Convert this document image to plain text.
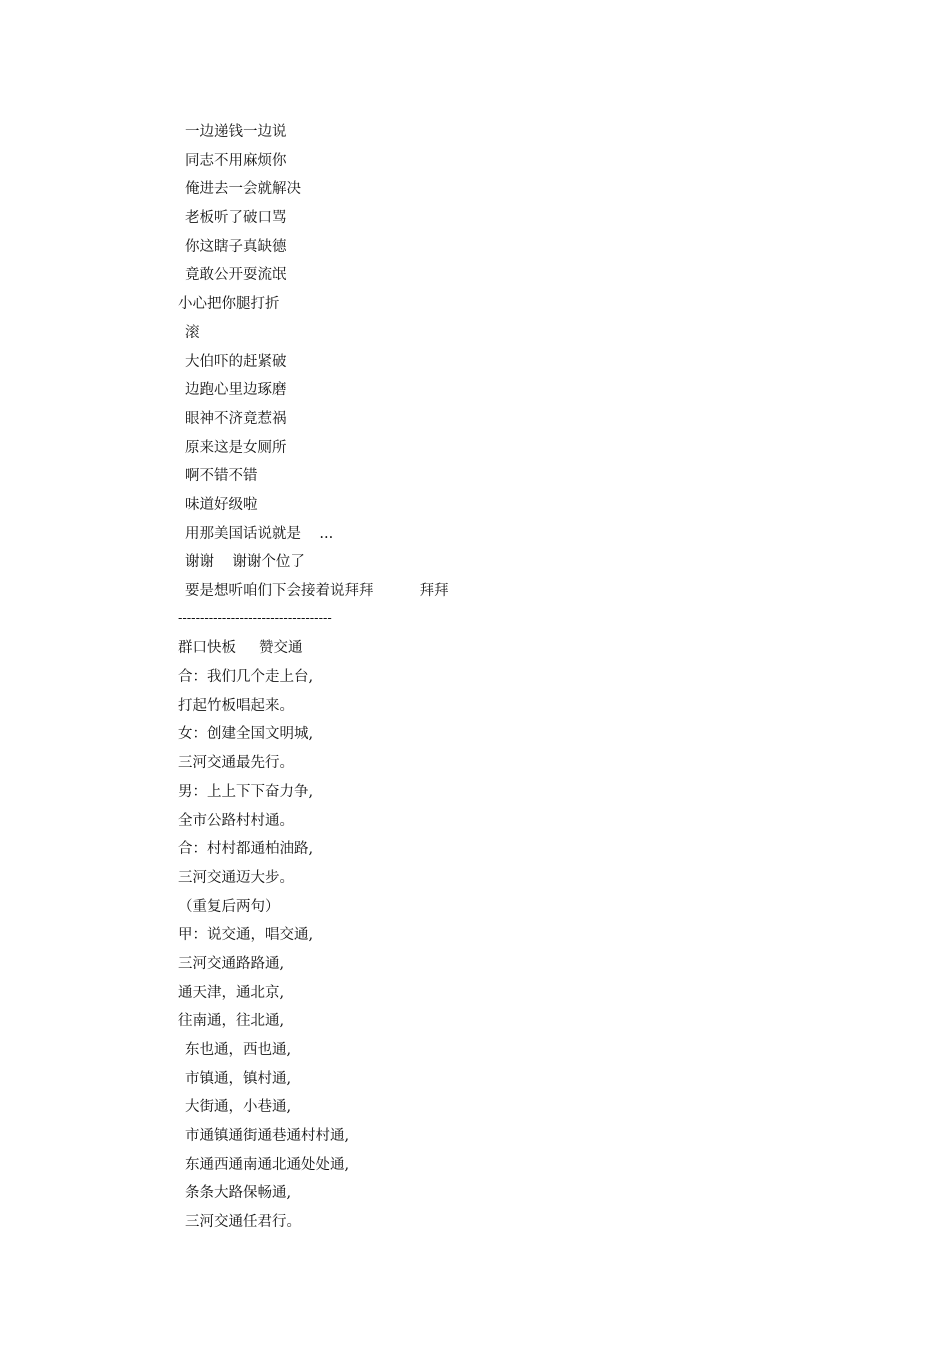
一边递钱一边说
同志不用麻烦你
俺进去一会就解决
老板听了破口骂
你这瞎子真缺德
竟敢公开耍流氓
小心把你腿打折
滚
大伯吓的赶紧破
边跑心里边琢磨
眼神不济竟惹祸
原来这是女厕所
啊不错不错
味道好级啦
用那美国话说就是    ...
谢谢    谢谢个位了
要是想听咱们下会接着说拜拜          拜拜
-----------------------------------
群口快板     赞交通
合：我们几个走上台,
打起竹板唱起来。
女：创建全国文明城,
三河交通最先行。
男：上上下下奋力争,
全市公路村村通。
合：村村都通柏油路,
三河交通迈大步。
（重复后两句）
甲：说交通，唱交通,
三河交通路路通,
通天津，通北京,
往南通，往北通,
东也通，西也通,
市镇通，镇村通,
大街通，小巷通,
市通镇通街通巷通村村通,
东通西通南通北通处处通,
条条大路保畅通,
三河交通任君行。
